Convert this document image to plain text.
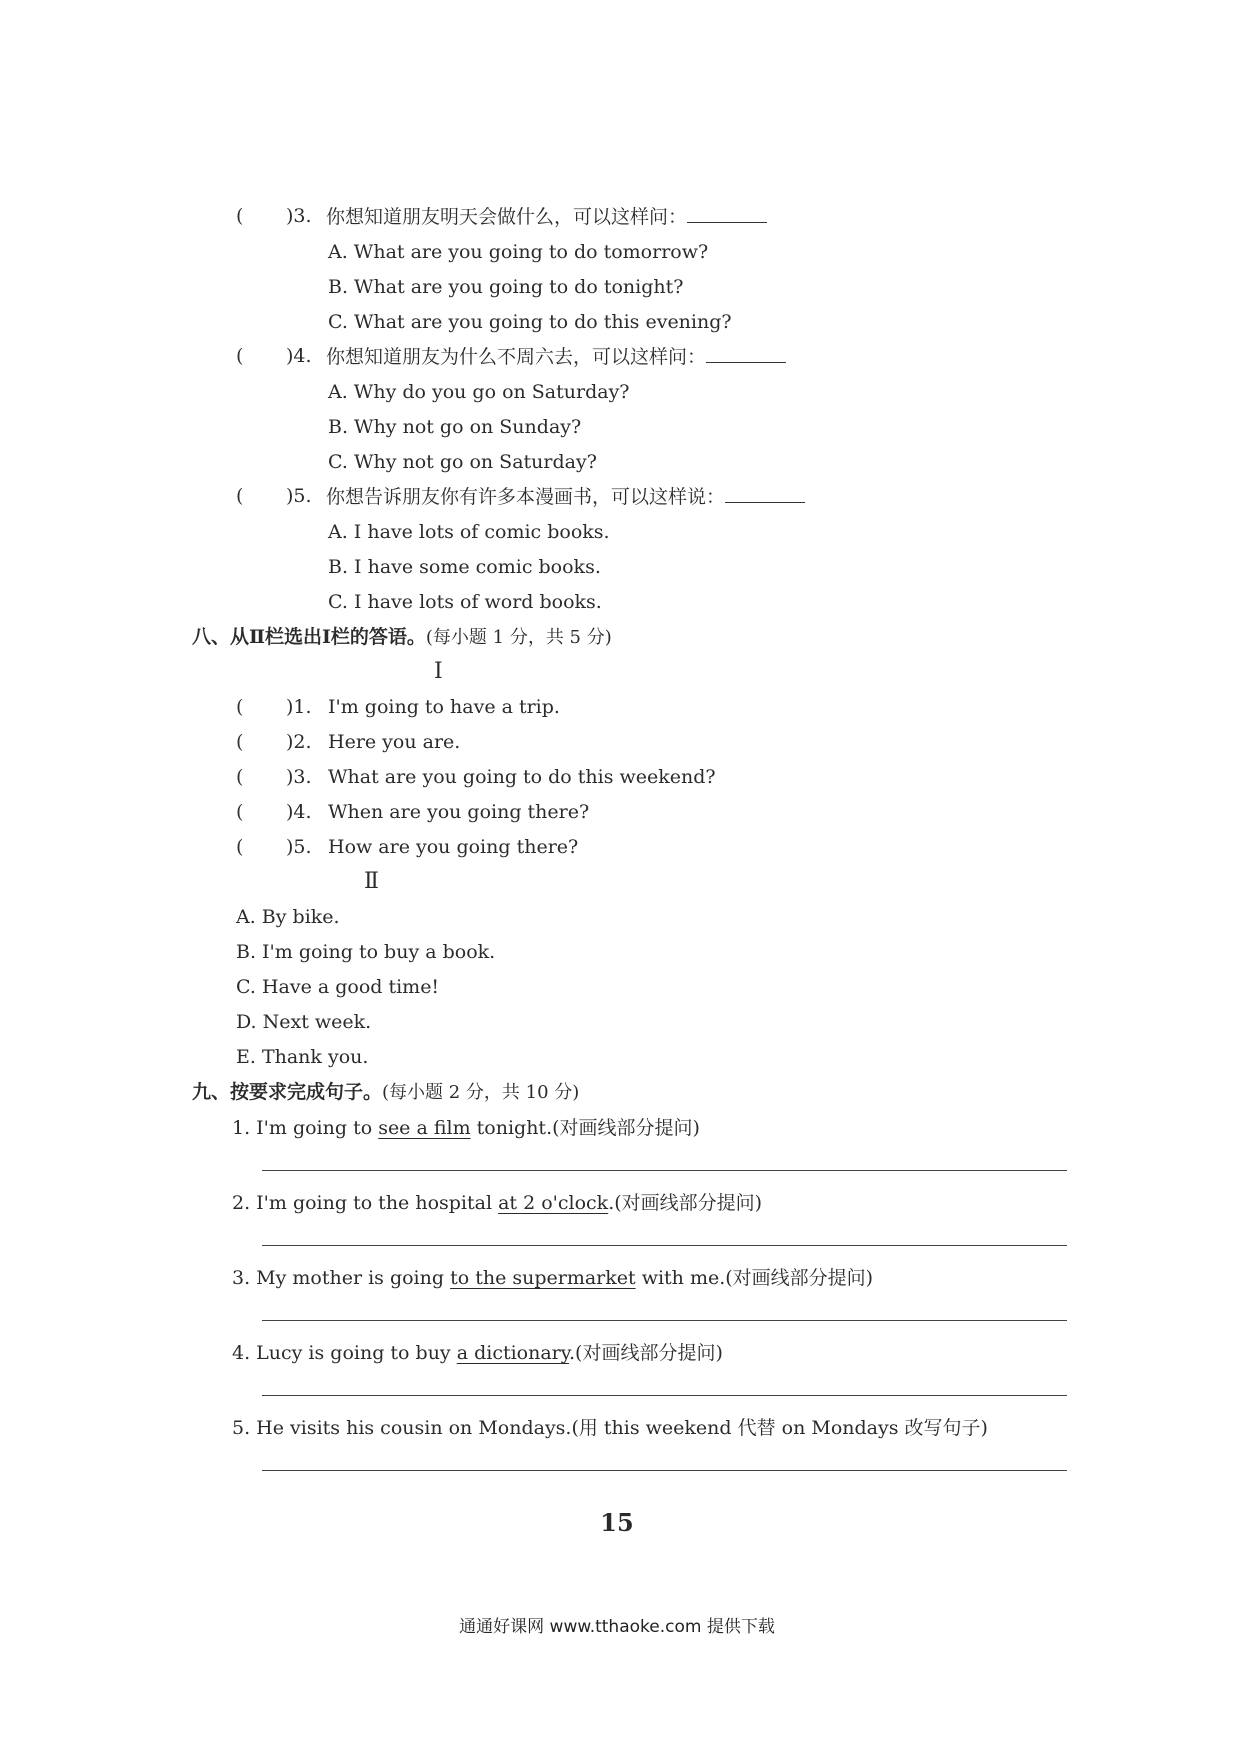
( )3. 你想知道朋友明天会做什么，可以这样问：
A. What are you going to do tomorrow?
B. What are you going to do tonight?
C. What are you going to do this evening?
( )4. 你想知道朋友为什么不周六去，可以这样问：
A. Why do you go on Saturday?
B. Why not go on Sunday?
C. Why not go on Saturday?
( )5. 你想告诉朋友你有许多本漫画书，可以这样说：
A. I have lots of comic books.
B. I have some comic books.
C. I have lots of word books.
八、从Ⅱ栏选出Ⅰ栏的答语。(每小题 1 分，共 5 分)
Ⅰ
( )1. I'm going to have a trip.
( )2. Here you are.
( )3. What are you going to do this weekend?
( )4. When are you going there?
( )5. How are you going there?
Ⅱ
A. By bike.
B. I'm going to buy a book.
C. Have a good time!
D. Next week.
E. Thank you.
九、按要求完成句子。(每小题 2 分，共 10 分)
1. I'm going to see a film tonight.(对画线部分提问)
2. I'm going to the hospital at 2 o'clock.(对画线部分提问)
3. My mother is going to the supermarket with me.(对画线部分提问)
4. Lucy is going to buy a dictionary.(对画线部分提问)
5. He visits his cousin on Mondays.(用 this weekend 代替 on Mondays 改写句子)
15
通通好课网 www.tthaoke.com 提供下载
